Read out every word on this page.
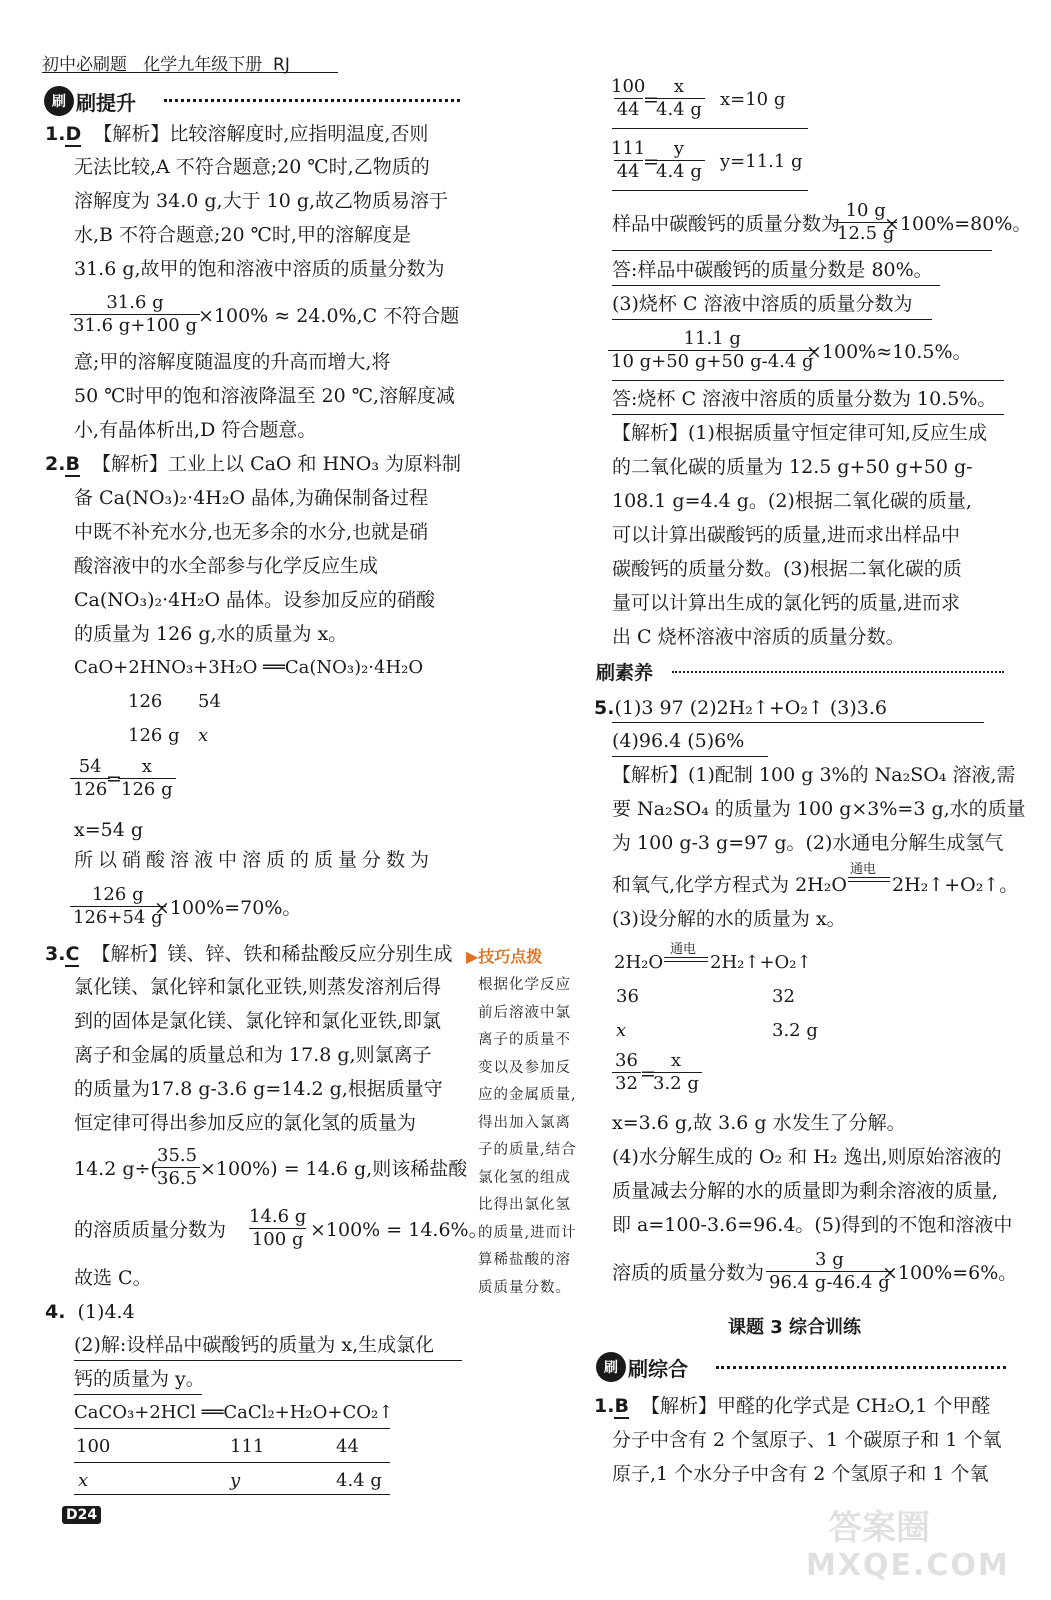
初中必刷题 化学九年级下册 RJ
刷 刷提升
1.D 【解析】比较溶解度时,应指明温度,否则
无法比较,A 不符合题意;20 ℃时,乙物质的
溶解度为 34.0 g,大于 10 g,故乙物质易溶于
水,B 不符合题意;20 ℃时,甲的溶解度是
31.6 g,故甲的饱和溶液中溶质的质量分数为
$\frac{31.6 g}{31.6 g+100 g}$
×100% ≈ 24.0%,C 不符合题
意;甲的溶解度随温度的升高而增大,将
50 ℃时甲的饱和溶液降温至 20 ℃,溶解度减
小,有晶体析出,D 符合题意。
2.B 【解析】工业上以 CaO 和 HNO₃ 为原料制
备 Ca(NO₃)₂·4H₂O 晶体,为确保制备过程
中既不补充水分,也无多余的水分,也就是硝
酸溶液中的水全部参与化学反应生成
Ca(NO₃)₂·4H₂O 晶体。设参加反应的硝酸
的质量为 126 g,水的质量为 x。
CaO+2HNO₃+3H₂O ══Ca(NO₃)₂·4H₂O
126 54
126 g x
$\frac{54}{126}$
=
$\frac{x}{126 g}$
x=54 g
所以硝酸溶液中溶质的质量分数为
$\frac{126 g}{126+54 g}$
×100%=70%。
3.C 【解析】镁、锌、铁和稀盐酸反应分别生成
氯化镁、氯化锌和氯化亚铁,则蒸发溶剂后得
到的固体是氯化镁、氯化锌和氯化亚铁,即氯
离子和金属的质量总和为 17.8 g,则氯离子
的质量为17.8 g-3.6 g=14.2 g,根据质量守
恒定律可得出参加反应的氯化氢的质量为
14.2 g÷(
$\frac{35.5}{36.5} \times 100\%) = 14.6$ g,则该稀盐酸
的溶质质量分数为 $\frac{14.6 g}{100 g} \times 100\% = 14.6\%$。
故选 C。
▶技巧点拨
根据化学反应前后溶液中氯离子的质量不变以及参加反应的金属质量,得出加入氯离子的质量,结合氯化氢的组成比得出氯化氢的质量,进而计算稀盐酸的溶质质量分数。
4. (1)4.4
(2)解:设样品中碳酸钙的质量为 x,生成氯化
钙的质量为 y。
CaCO₃+2HCl ══CaCl₂+H₂O+CO₂↑
100	111	44
x	y	4.4 g
D24
$\frac{100}{44}$
=
$\frac{x}{4.4 g} x=10$ g
$\frac{111}{44}$
=
$\frac{y}{4.4 g} y=11.1$ g
样品中碳酸钙的质量分数为
$\frac{10 g}{12.5 g}$
×100%=80%。
答:样品中碳酸钙的质量分数是 80%。
(3)烧杯 C 溶液中溶质的质量分数为
$\frac{11.1 g}{10 g+50 g+50 g-4.4 g}$
×100%≈10.5%。
答:烧杯 C 溶液中溶质的质量分数为 10.5%。
【解析】(1)根据质量守恒定律可知,反应生成
的二氧化碳的质量为 12.5 g+50 g+50 g-
108.1 g=4.4 g。(2)根据二氧化碳的质量,
可以计算出碳酸钙的质量,进而求出样品中
碳酸钙的质量分数。(3)根据二氧化碳的质
量可以计算出生成的氯化钙的质量,进而求
出 C 烧杯溶液中溶质的质量分数。
刷素养
5.(1)3 97 (2)2H₂↑+O₂↑ (3)3.6
(4)96.4 (5)6%
【解析】(1)配制 100 g 3%的 Na₂SO₄ 溶液,需
要 Na₂SO₄ 的质量为 100 g×3%=3 g,水的质量
为 100 g-3 g=97 g。(2)水通电分解生成氢气
和氧气,化学方程式为 2H₂O
通电
2H₂↑+O₂↑。
(3)设分解的水的质量为 x。
2H₂O
通电
2H₂↑+O₂↑
36	32
x	3.2 g
$\frac{36}{32}$ =
$\frac{x}{3.2 g}$
x=3.6 g,故 3.6 g 水发生了分解。
(4)水分解生成的 O₂ 和 H₂ 逸出,则原始溶液的
质量减去分解的水的质量即为剩余溶液的质量,
即 a=100-3.6=96.4。(5)得到的不饱和溶液中
溶质的质量分数为 $\frac{3 g}{96.4 g-46.4 g}$
×100%=6%。
课题 3 综合训练
刷 刷综合
1.B 【解析】甲醛的化学式是 CH₂O,1 个甲醛
分子中含有 2 个氢原子、1 个碳原子和 1 个氧
原子,1 个水分子中含有 2 个氢原子和 1 个氧
答案圈
MXQE.COM
